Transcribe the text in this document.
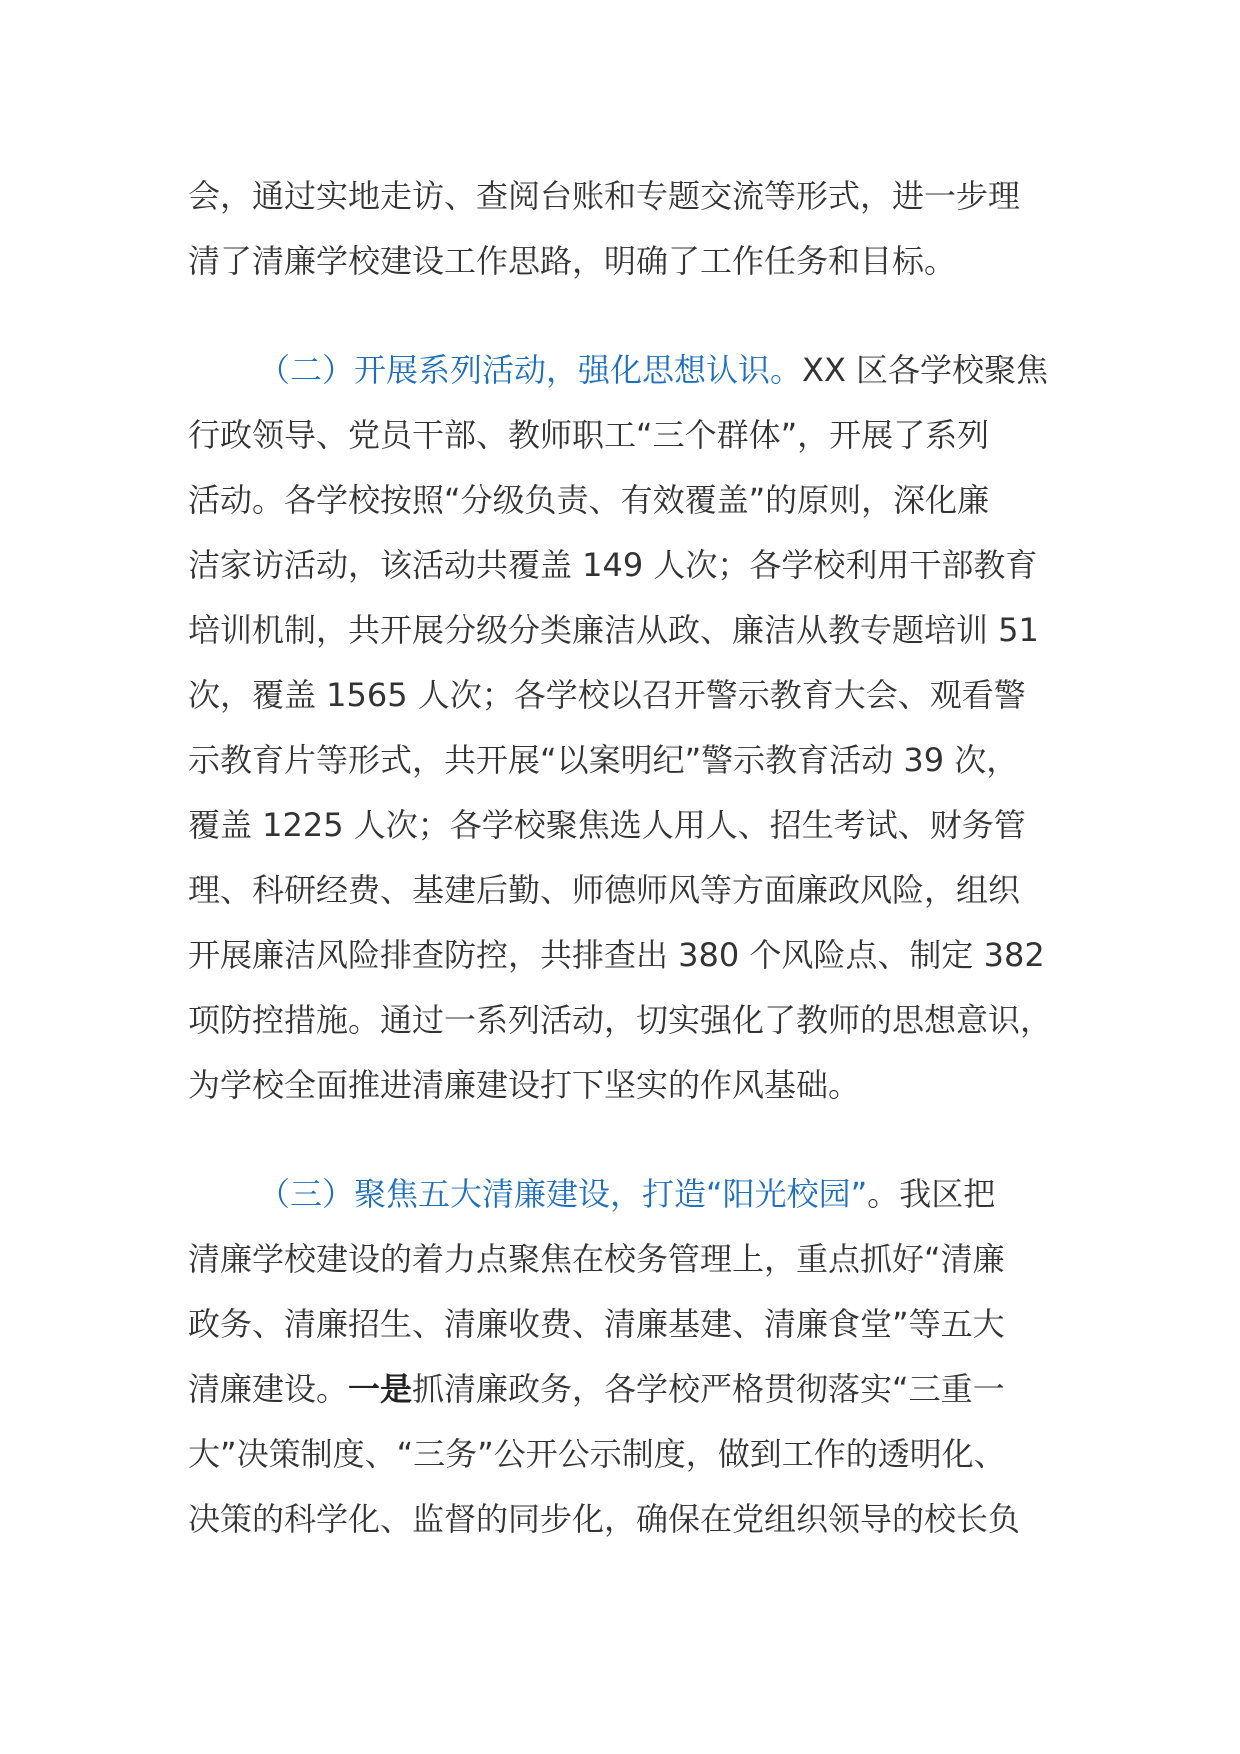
会，通过实地走访、查阅台账和专题交流等形式，进一步理
清了清廉学校建设工作思路，明确了工作任务和目标。
（二）开展系列活动，强化思想认识。XX 区各学校聚焦
行政领导、党员干部、教师职工“三个群体”，开展了系列
活动。各学校按照“分级负责、有效覆盖”的原则，深化廉
洁家访活动，该活动共覆盖 149 人次；各学校利用干部教育
培训机制，共开展分级分类廉洁从政、廉洁从教专题培训 51
次，覆盖 1565 人次；各学校以召开警示教育大会、观看警
示教育片等形式，共开展“以案明纪”警示教育活动 39 次，
覆盖 1225 人次；各学校聚焦选人用人、招生考试、财务管
理、科研经费、基建后勤、师德师风等方面廉政风险，组织
开展廉洁风险排查防控，共排查出 380 个风险点、制定 382
项防控措施。通过一系列活动，切实强化了教师的思想意识，
为学校全面推进清廉建设打下坚实的作风基础。
（三）聚焦五大清廉建设，打造“阳光校园”。我区把
清廉学校建设的着力点聚焦在校务管理上，重点抓好“清廉
政务、清廉招生、清廉收费、清廉基建、清廉食堂”等五大
清廉建设。一是抓清廉政务，各学校严格贯彻落实“三重一
大”决策制度、“三务”公开公示制度，做到工作的透明化、
决策的科学化、监督的同步化，确保在党组织领导的校长负
